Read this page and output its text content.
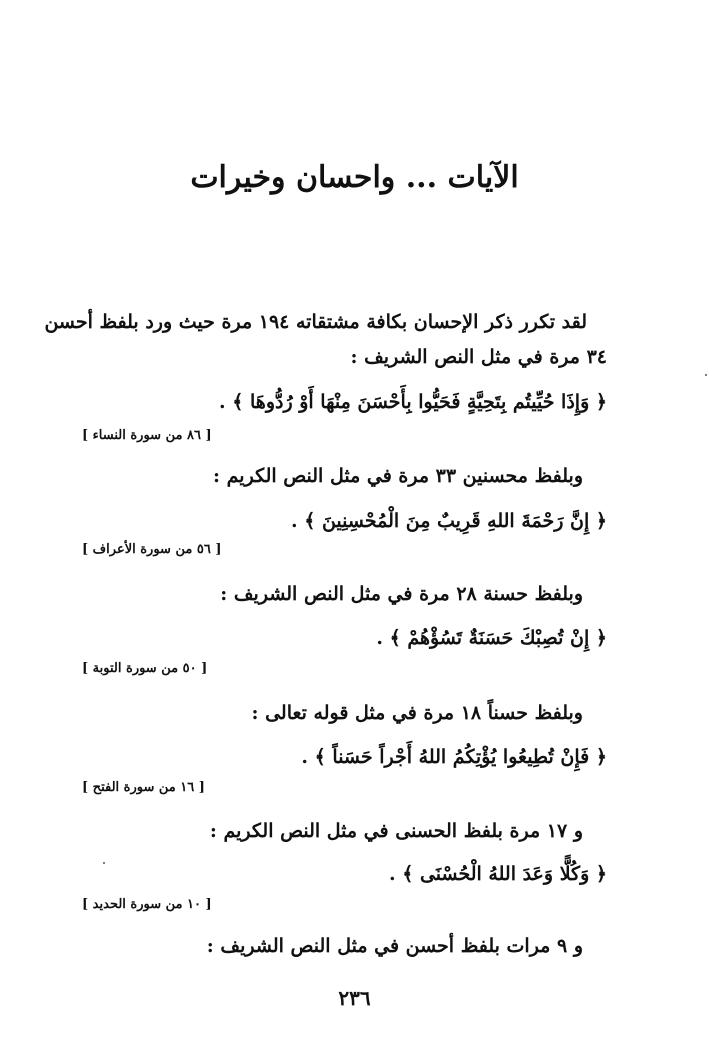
الآيات ... واحسان وخيرات
لقد تكرر ذكر الإحسان بكافة مشتقاته ١٩٤ مرة حيث ورد بلفظ أحسن
٣٤ مرة في مثل النص الشريف :
﴿ وَإِذَا حُيِّيتُم بِتَحِيَّةٍ فَحَيُّوا بِأَحْسَنَ مِنْهَا أَوْ رُدُّوهَا ﴾ .
[ ٨٦ من سورة النساء ]
وبلفظ محسنين ٣٣ مرة في مثل النص الكريم :
﴿ إِنَّ رَحْمَةَ اللهِ قَرِيبٌ مِنَ الْمُحْسِنِينَ ﴾ .
[ ٥٦ من سورة الأعراف ]
وبلفظ حسنة ٢٨ مرة في مثل النص الشريف :
﴿ إِنْ تُصِبْكَ حَسَنَةٌ تَسُؤْهُمْ ﴾ .
[ ٥٠ من سورة التوبة ]
وبلفظ حسناً ١٨ مرة في مثل قوله تعالى :
﴿ فَإِنْ تُطِيعُوا يُؤْتِكُمُ اللهُ أَجْراً حَسَناً ﴾ .
[ ١٦ من سورة الفتح ]
و ١٧ مرة بلفظ الحسنى في مثل النص الكريم :
﴿ وَكُلًّا وَعَدَ اللهُ الْحُسْنَى ﴾ .
[ ١٠ من سورة الحديد ]
و ٩ مرات بلفظ أحسن في مثل النص الشريف :
٢٣٦
